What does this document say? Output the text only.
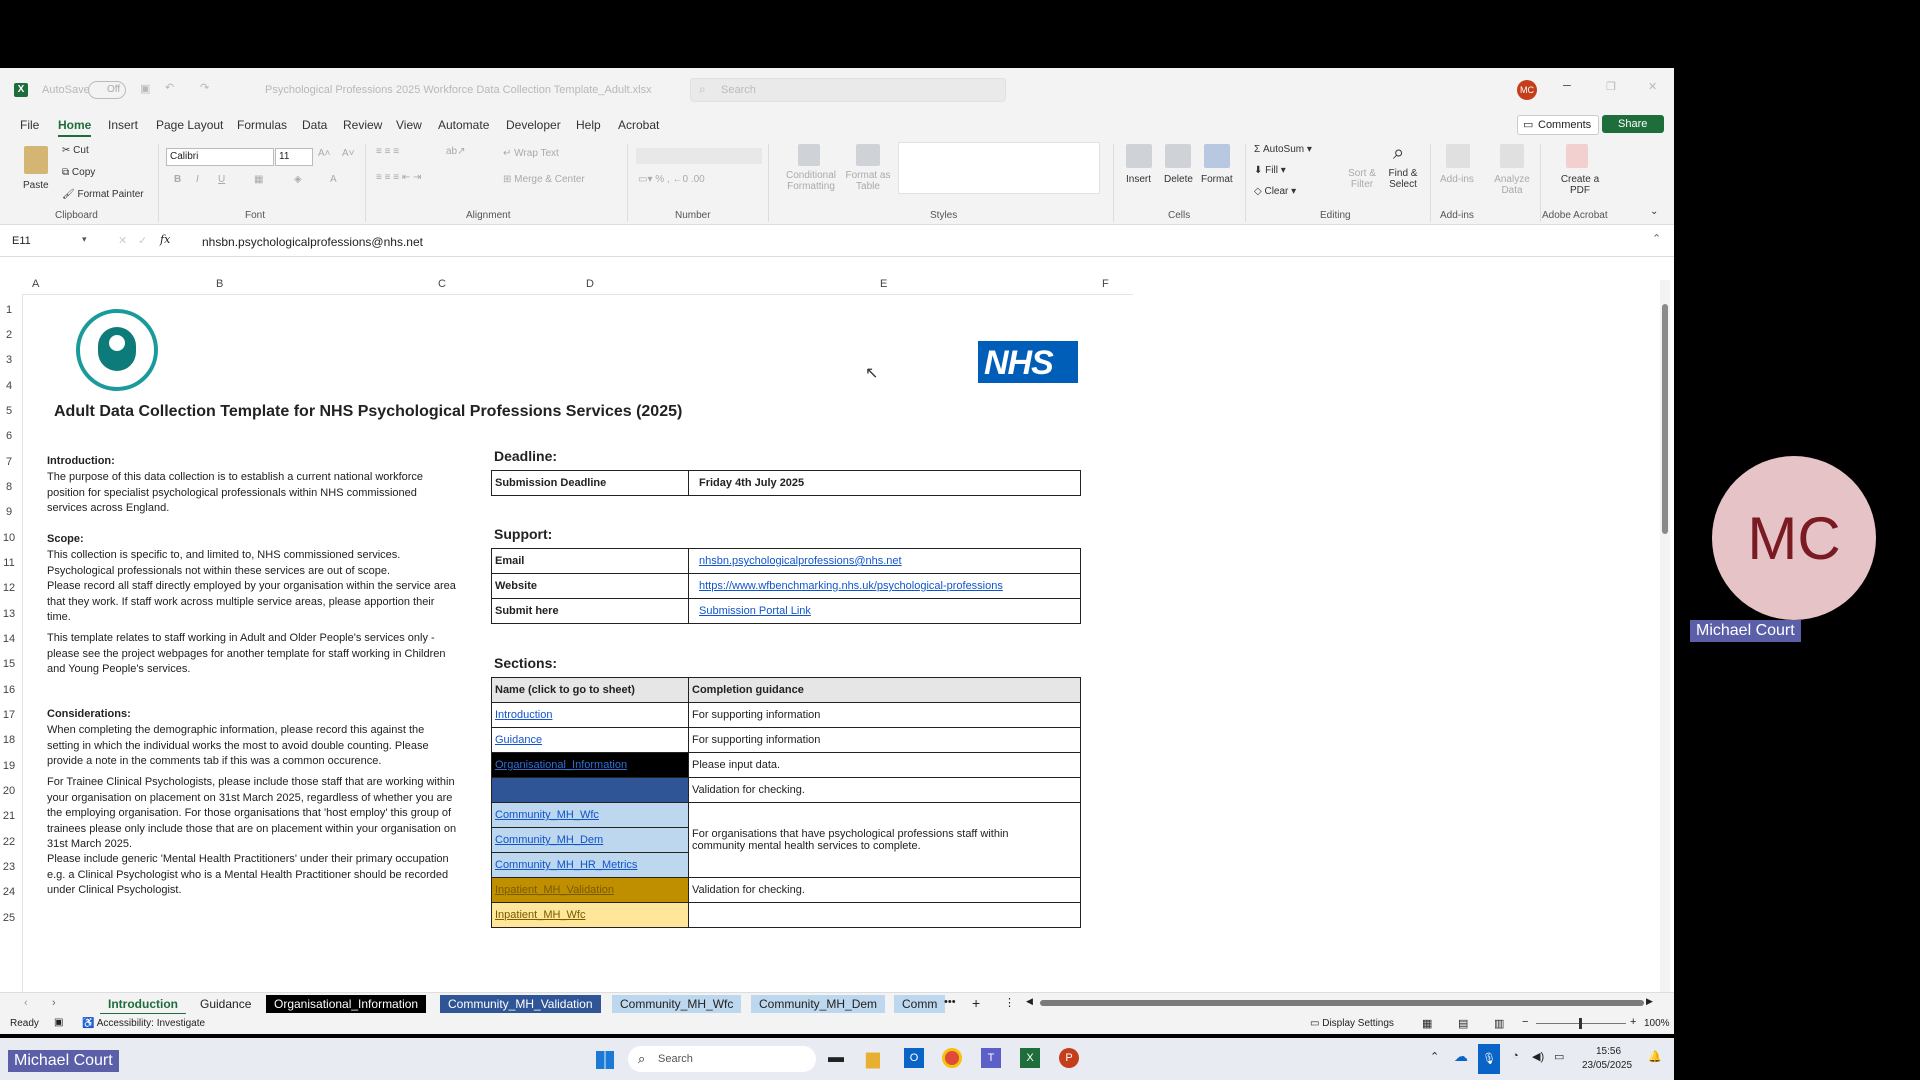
X	AutoSave Off ▣ ↶ ↷	Psychological Professions 2025 Workforce Data Collection Template_Adult.xlsx	⌕ Search	MC	─	❐	✕
File Home Insert Page Layout Formulas Data Review View Automate Developer Help Acrobat	▭ Comments Share
Paste
✂ Cut
⧉ Copy
🖌 Format Painter
Clipboard
Calibri	11	A˄ A˅
B I U	▦	◈	A
Font
≡ ≡ ≡	ab↗
≡ ≡ ≡ ⇤ ⇥
↵ Wrap Text
⊞ Merge & Center
Alignment
▭▾ % , ←0 .00
Number
Conditional Formatting
Format as Table
Styles
Insert Delete Format
Cells
Σ AutoSum ▾
⬇ Fill ▾
◇ Clear ▾
Sort & Filter
Find & Select
⌕
Editing
Add-ins Analyze Data
Add-ins
Create a PDF
Adobe Acrobat	⌄
E11	▾	✕ ✓ fx	nhsbn.psychologicalprofessions@nhs.net	⌃
A	B	C	D	E	F
1
2
3
4
5
6
7
8
9
10
11
12
13
14
15
16
17
18
19
20
21
22
23
24
25
NHS
Adult Data Collection Template for NHS Psychological Professions Services (2025)
Introduction:
The purpose of this data collection is to establish a current national workforce position for specialist psychological professionals within NHS commissioned services across England.
Scope:
This collection is specific to, and limited to, NHS commissioned services. Psychological professionals not within these services are out of scope.
Please record all staff directly employed by your organisation within the service area that they work. If staff work across multiple service areas, please apportion their time.
This template relates to staff working in Adult and Older People's services only - please see the project webpages for another template for staff working in Children and Young People's services.
Considerations:
When completing the demographic information, please record this against the setting in which the individual works the most to avoid double counting. Please provide a note in the comments tab if this was a common occurence.
For Trainee Clinical Psychologists, please include those staff that are working within your organisation on placement on 31st March 2025, regardless of whether you are the employing organisation. For those organisations that 'host employ' this group of trainees please only include those that are on placement within your organisation on 31st March 2025.
Please include generic 'Mental Health Practitioners' under their primary occupation e.g. a Clinical Psychologist who is a Mental Health Practitioner should be recorded under Clinical Psychologist.
Deadline:
Submission Deadline	Friday 4th July 2025
Support:
Email	nhsbn.psychologicalprofessions@nhs.net
Website	https://www.wfbenchmarking.nhs.uk/psychological-professions
Submit here	Submission Portal Link
Sections:
Name (click to go to sheet)	Completion guidance
Introduction	For supporting information
Guidance	For supporting information
Organisational_Information	Please input data.
	Validation for checking.
Community_MH_Wfc	For organisations that have psychological professions staff within community mental health services to complete.
Community_MH_Dem	
Community_MH_HR_Metrics	
Inpatient_MH_Validation	Validation for checking.
Inpatient_MH_Wfc	
↖
‹ ›	Introduction	Guidance	Organisational_Information	Community_MH_Validation	Community_MH_Wfc	Community_MH_Dem	Comm ••• + ⋮ ◀	▶
Ready ▣ ♿ Accessibility: Investigate	▭ Display Settings	▦ ▤ ▥ −	+ 100%
⌕ Search	▬ ▆	O	T	X	P	⌃ ☁	🎙	◔ ◀) ▭	15:56
23/05/2025
🔔
MC
Michael Court
Michael Court
